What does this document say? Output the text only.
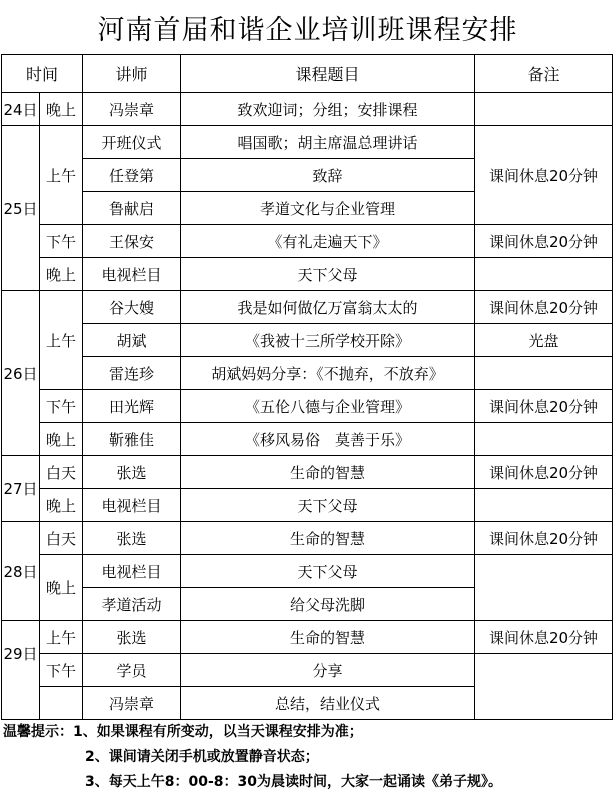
河南首届和谐企业培训班课程安排
时间		讲师	课程题目	备注
24日	晚上	冯崇章	致欢迎词；分组；安排课程	
25日	上午	开班仪式	唱国歌；胡主席温总理讲话	课间休息20分钟
		任登第	致辞	
		鲁献启	孝道文化与企业管理	
	下午	王保安	《有礼走遍天下》	课间休息20分钟
	晚上	电视栏目	天下父母	
26日	上午	谷大嫂	我是如何做亿万富翁太太的	课间休息20分钟
		胡斌	《我被十三所学校开除》	光盘
		雷连珍	胡斌妈妈分享：《不抛弃，不放弃》	
	下午	田光辉	《五伦八德与企业管理》	课间休息20分钟
	晚上	靳雅佳	《移风易俗　莫善于乐》	
27日	白天	张选	生命的智慧	课间休息20分钟
	晚上	电视栏目	天下父母	
28日	白天	张选	生命的智慧	课间休息20分钟
	晚上	电视栏目	天下父母	
		孝道活动	给父母洗脚	
29日	上午	张选	生命的智慧	课间休息20分钟
	下午	学员	分享	
		冯崇章	总结，结业仪式	
温馨提示：1、如果课程有所变动，以当天课程安排为准；
2、课间请关闭手机或放置静音状态；
3、每天上午8：00-8：30为晨读时间，大家一起诵读《弟子规》。
